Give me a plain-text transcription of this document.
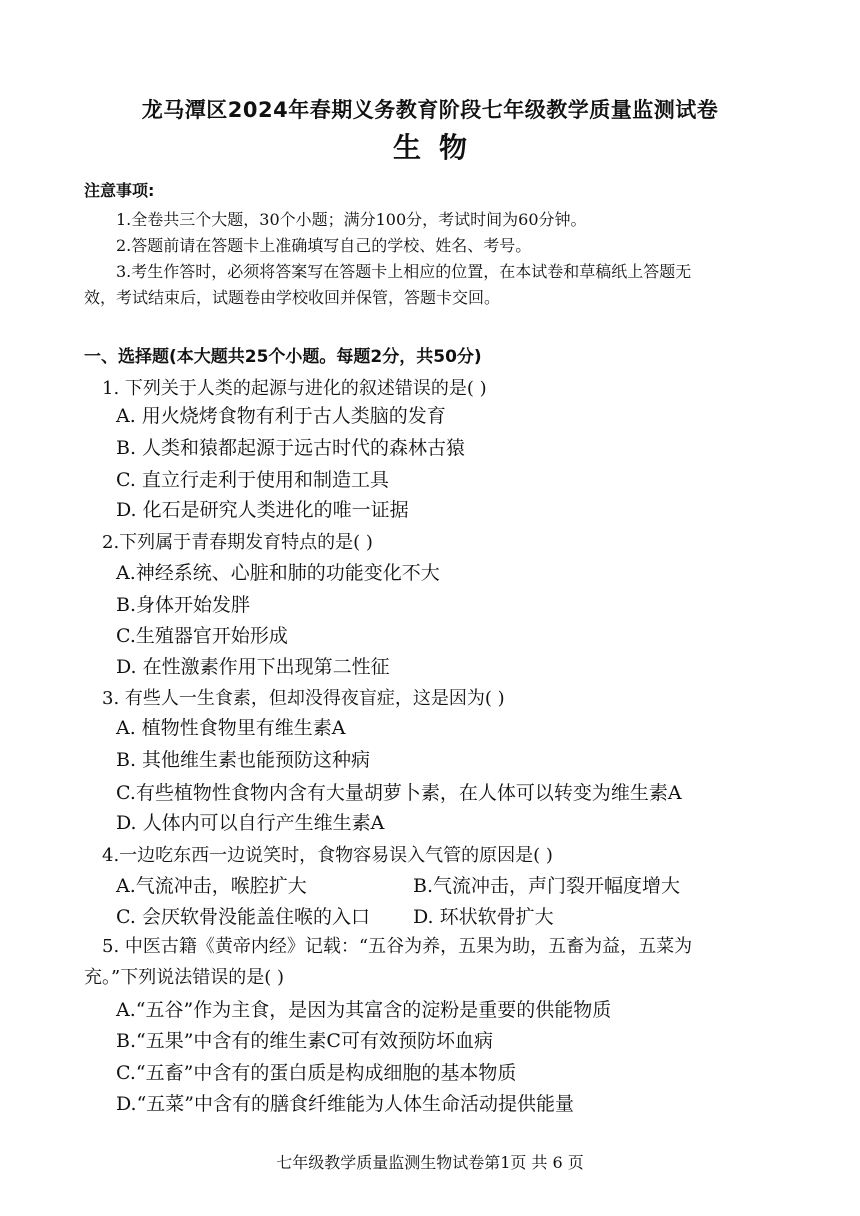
龙马潭区2024年春期义务教育阶段七年级教学质量监测试卷
生物
注意事项:
1.全卷共三个大题，30个小题；满分100分，考试时间为60分钟。
2.答题前请在答题卡上准确填写自己的学校、姓名、考号。
3.考生作答时，必须将答案写在答题卡上相应的位置，在本试卷和草稿纸上答题无
效，考试结束后，试题卷由学校收回并保管，答题卡交回。
一、选择题(本大题共25个小题。每题2分，共50分)
1. 下列关于人类的起源与进化的叙述错误的是( )
A. 用火烧烤食物有利于古人类脑的发育
B. 人类和猿都起源于远古时代的森林古猿
C. 直立行走利于使用和制造工具
D. 化石是研究人类进化的唯一证据
2.下列属于青春期发育特点的是( )
A.神经系统、心脏和肺的功能变化不大
B.身体开始发胖
C.生殖器官开始形成
D. 在性激素作用下出现第二性征
3. 有些人一生食素，但却没得夜盲症，这是因为( )
A. 植物性食物里有维生素A
B. 其他维生素也能预防这种病
C.有些植物性食物内含有大量胡萝卜素，在人体可以转变为维生素A
D. 人体内可以自行产生维生素A
4.一边吃东西一边说笑时，食物容易误入气管的原因是( )
A.气流冲击，喉腔扩大	B.气流冲击，声门裂开幅度增大
C. 会厌软骨没能盖住喉的入口 D. 环状软骨扩大
5. 中医古籍《黄帝内经》记载：“五谷为养，五果为助，五畜为益，五菜为
充。”下列说法错误的是( )
A.“五谷”作为主食，是因为其富含的淀粉是重要的供能物质
B.“五果”中含有的维生素C可有效预防坏血病
C.“五畜”中含有的蛋白质是构成细胞的基本物质
D.“五菜”中含有的膳食纤维能为人体生命活动提供能量
七年级教学质量监测生物试卷第1页 共 6 页
